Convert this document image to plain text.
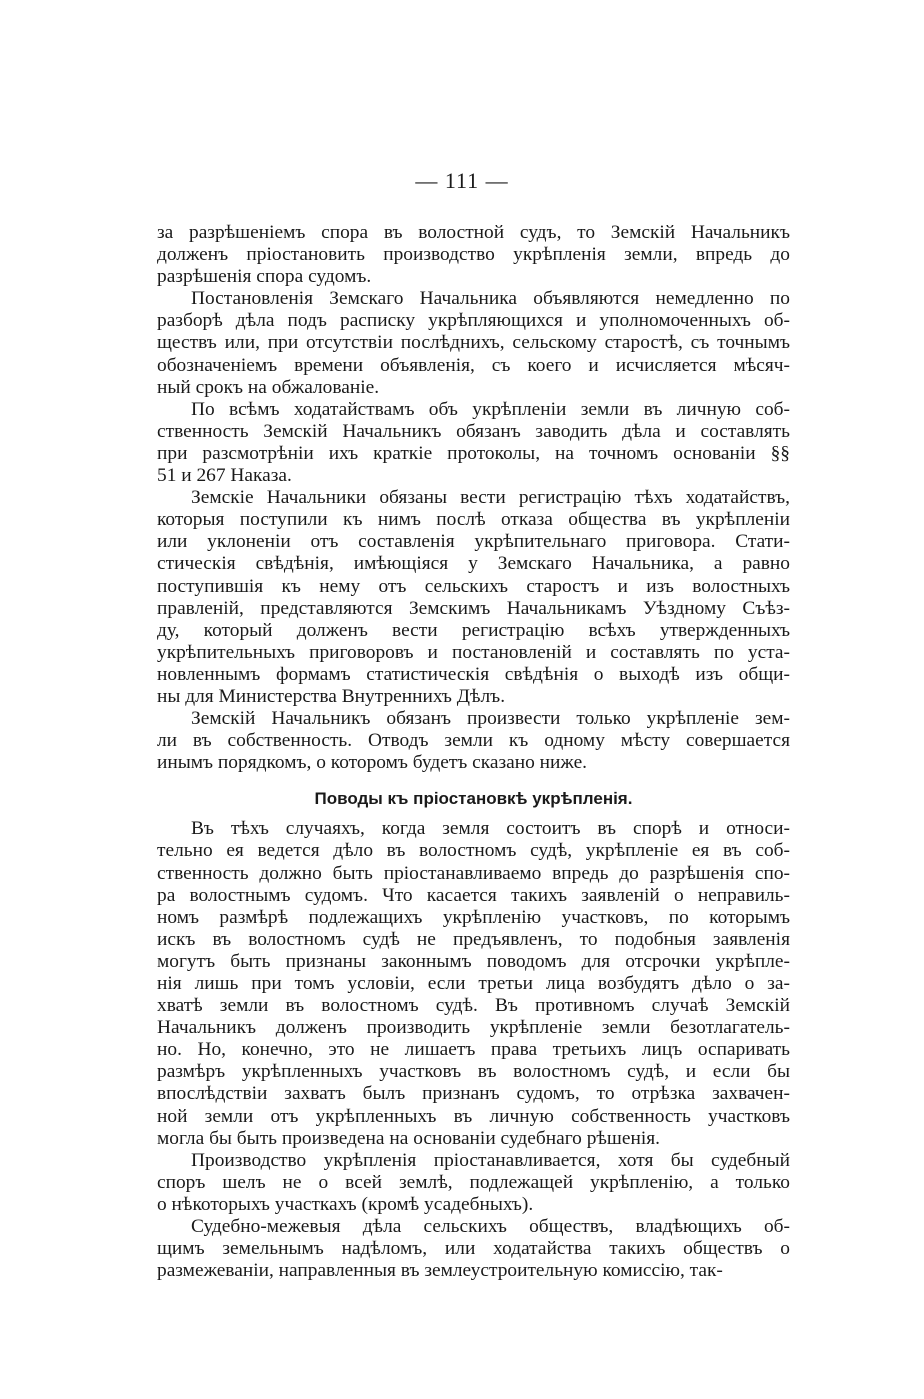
— 111 —
за разрѣшеніемъ спора въ волостной судъ, то Земскій Начальникъ
долженъ пріостановить производство укрѣпленія земли, впредь до
разрѣшенія спора судомъ.
Постановленія Земскаго Начальника объявляются немедленно по
разборѣ дѣла подъ расписку укрѣпляющихся и уполномоченныхъ об-
ществъ или, при отсутствіи послѣднихъ, сельскому старостѣ, съ точнымъ
обозначеніемъ времени объявленія, съ коего и исчисляется мѣсяч-
ный срокъ на обжалованіе.
По всѣмъ ходатайствамъ объ укрѣпленіи земли въ личную соб-
ственность Земскій Начальникъ обязанъ заводить дѣла и составлять
при разсмотрѣніи ихъ краткіе протоколы, на точномъ основаніи §§
51 и 267 Наказа.
Земскіе Начальники обязаны вести регистрацію тѣхъ ходатайствъ,
которыя поступили къ нимъ послѣ отказа общества въ укрѣпленіи
или уклоненіи отъ составленія укрѣпительнаго приговора. Стати-
стическія свѣдѣнія, имѣющіяся у Земскаго Начальника, а равно
поступившія къ нему отъ сельскихъ старостъ и изъ волостныхъ
правленій, представляются Земскимъ Начальникамъ Уѣздному Съѣз-
ду, который долженъ вести регистрацію всѣхъ утвержденныхъ
укрѣпительныхъ приговоровъ и постановленій и составлять по уста-
новленнымъ формамъ статистическія свѣдѣнія о выходѣ изъ общи-
ны для Министерства Внутреннихъ Дѣлъ.
Земскій Начальникъ обязанъ произвести только укрѣпленіе зем-
ли въ собственность. Отводъ земли къ одному мѣсту совершается
инымъ порядкомъ, о которомъ будетъ сказано ниже.
Поводы къ пріостановкѣ укрѣпленія.
Въ тѣхъ случаяхъ, когда земля состоитъ въ спорѣ и относи-
тельно ея ведется дѣло въ волостномъ судѣ, укрѣпленіе ея въ соб-
ственность должно быть пріостанавливаемо впредь до разрѣшенія спо-
ра волостнымъ судомъ. Что касается такихъ заявленій о неправиль-
номъ размѣрѣ подлежащихъ укрѣпленію участковъ, по которымъ
искъ въ волостномъ судѣ не предъявленъ, то подобныя заявленія
могутъ быть признаны законнымъ поводомъ для отсрочки укрѣпле-
нія лишь при томъ условіи, если третьи лица возбудятъ дѣло о за-
хватѣ земли въ волостномъ судѣ. Въ противномъ случаѣ Земскій
Начальникъ долженъ производить укрѣпленіе земли безотлагатель-
но. Но, конечно, это не лишаетъ права третьихъ лицъ оспаривать
размѣръ укрѣпленныхъ участковъ въ волостномъ судѣ, и если бы
впослѣдствіи захватъ былъ признанъ судомъ, то отрѣзка захвачен-
ной земли отъ укрѣпленныхъ въ личную собственность участковъ
могла бы быть произведена на основаніи судебнаго рѣшенія.
Производство укрѣпленія пріостанавливается, хотя бы судебный
споръ шелъ не о всей землѣ, подлежащей укрѣпленію, а только
о нѣкоторыхъ участкахъ (кромѣ усадебныхъ).
Судебно-межевыя дѣла сельскихъ обществъ, владѣющихъ об-
щимъ земельнымъ надѣломъ, или ходатайства такихъ обществъ о
размежеваніи, направленныя въ землеустроительную комиссію, так-
